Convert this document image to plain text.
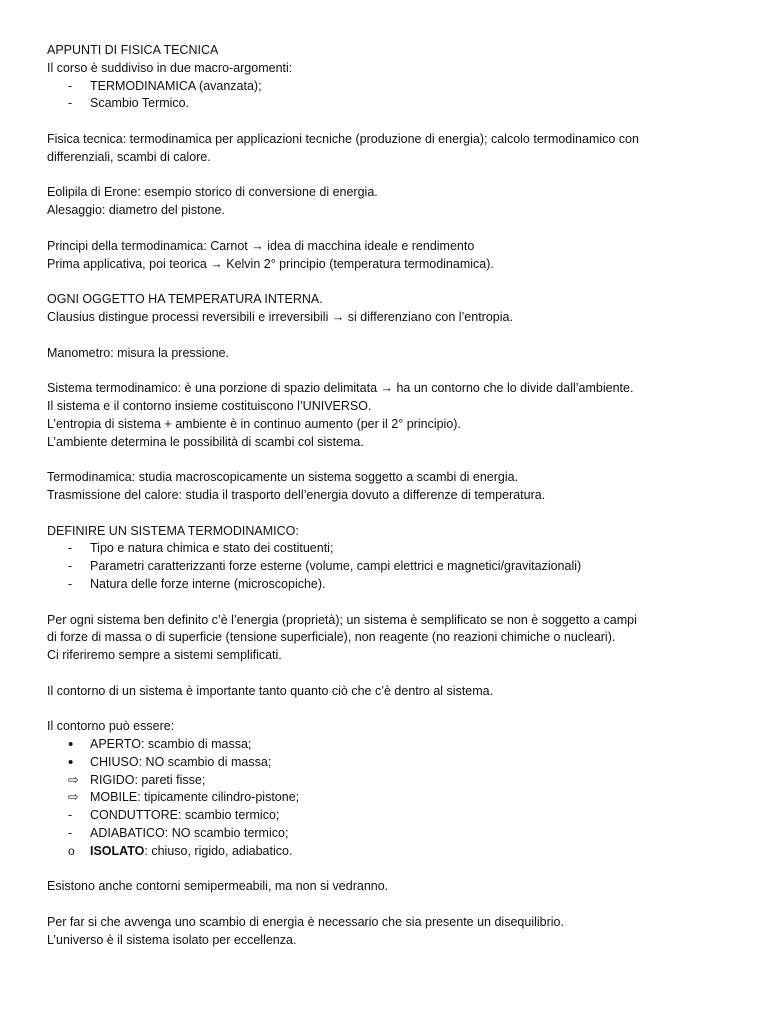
APPUNTI DI FISICA TECNICA
Il corso è suddiviso in due macro-argomenti:
-	TERMODINAMICA (avanzata);
-	Scambio Termico.
Fisica tecnica: termodinamica per applicazioni tecniche (produzione di energia); calcolo termodinamico con
differenziali, scambi di calore.
Eolipila di Erone: esempio storico di conversione di energia.
Alesaggio: diametro del pistone.
Principi della termodinamica: Carnot → idea di macchina ideale e rendimento
Prima applicativa, poi teorica → Kelvin 2° principio (temperatura termodinamica).
OGNI OGGETTO HA TEMPERATURA INTERNA.
Clausius distingue processi reversibili e irreversibili → si differenziano con l’entropia.
Manometro: misura la pressione.
Sistema termodinamico: è una porzione di spazio delimitata → ha un contorno che lo divide dall’ambiente.
Il sistema e il contorno insieme costituiscono l’UNIVERSO.
L’entropia di sistema + ambiente è in continuo aumento (per il 2° principio).
L’ambiente determina le possibilità di scambi col sistema.
Termodinamica: studia macroscopicamente un sistema soggetto a scambi di energia.
Trasmissione del calore: studia il trasporto dell’energia dovuto a differenze di temperatura.
DEFINIRE UN SISTEMA TERMODINAMICO:
-	Tipo e natura chimica e stato dei costituenti;
-	Parametri caratterizzanti forze esterne (volume, campi elettrici e magnetici/gravitazionali)
-	Natura delle forze interne (microscopiche).
Per ogni sistema ben definito c’è l’energia (proprietà); un sistema è semplificato se non è soggetto a campi
di forze di massa o di superficie (tensione superficiale), non reagente (no reazioni chimiche o nucleari).
Ci riferiremo sempre a sistemi semplificati.
Il contorno di un sistema è importante tanto quanto ciò che c’è dentro al sistema.
Il contorno può essere:
•	APERTO: scambio di massa;
•	CHIUSO: NO scambio di massa;
⇨ RIGIDO: pareti fisse;
⇨ MOBILE: tipicamente cilindro-pistone;
-	CONDUTTORE: scambio termico;
-	ADIABATICO: NO scambio termico;
o	ISOLATO: chiuso, rigido, adiabatico.
Esistono anche contorni semipermeabili, ma non si vedranno.
Per far si che avvenga uno scambio di energia è necessario che sia presente un disequilibrio.
L’universo è il sistema isolato per eccellenza.
